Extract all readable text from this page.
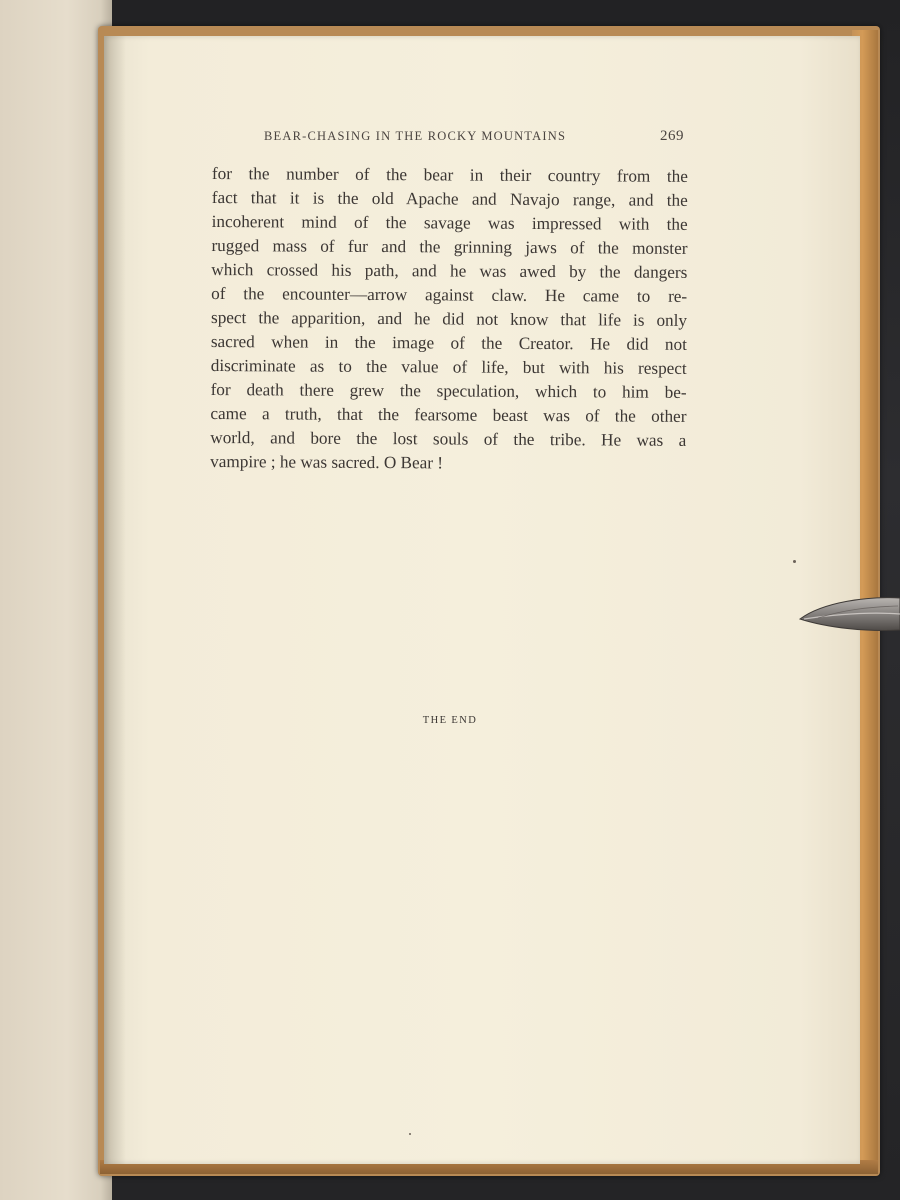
BEAR-CHASING IN THE ROCKY MOUNTAINS	269
for the number of the bear in their country from the
fact that it is the old Apache and Navajo range, and the
incoherent mind of the savage was impressed with the
rugged mass of fur and the grinning jaws of the monster
which crossed his path, and he was awed by the dangers
of the encounter—arrow against claw. He came to re-
spect the apparition, and he did not know that life is only
sacred when in the image of the Creator. He did not
discriminate as to the value of life, but with his respect
for death there grew the speculation, which to him be-
came a truth, that the fearsome beast was of the other
world, and bore the lost souls of the tribe. He was a
vampire ; he was sacred. O Bear !
THE END
